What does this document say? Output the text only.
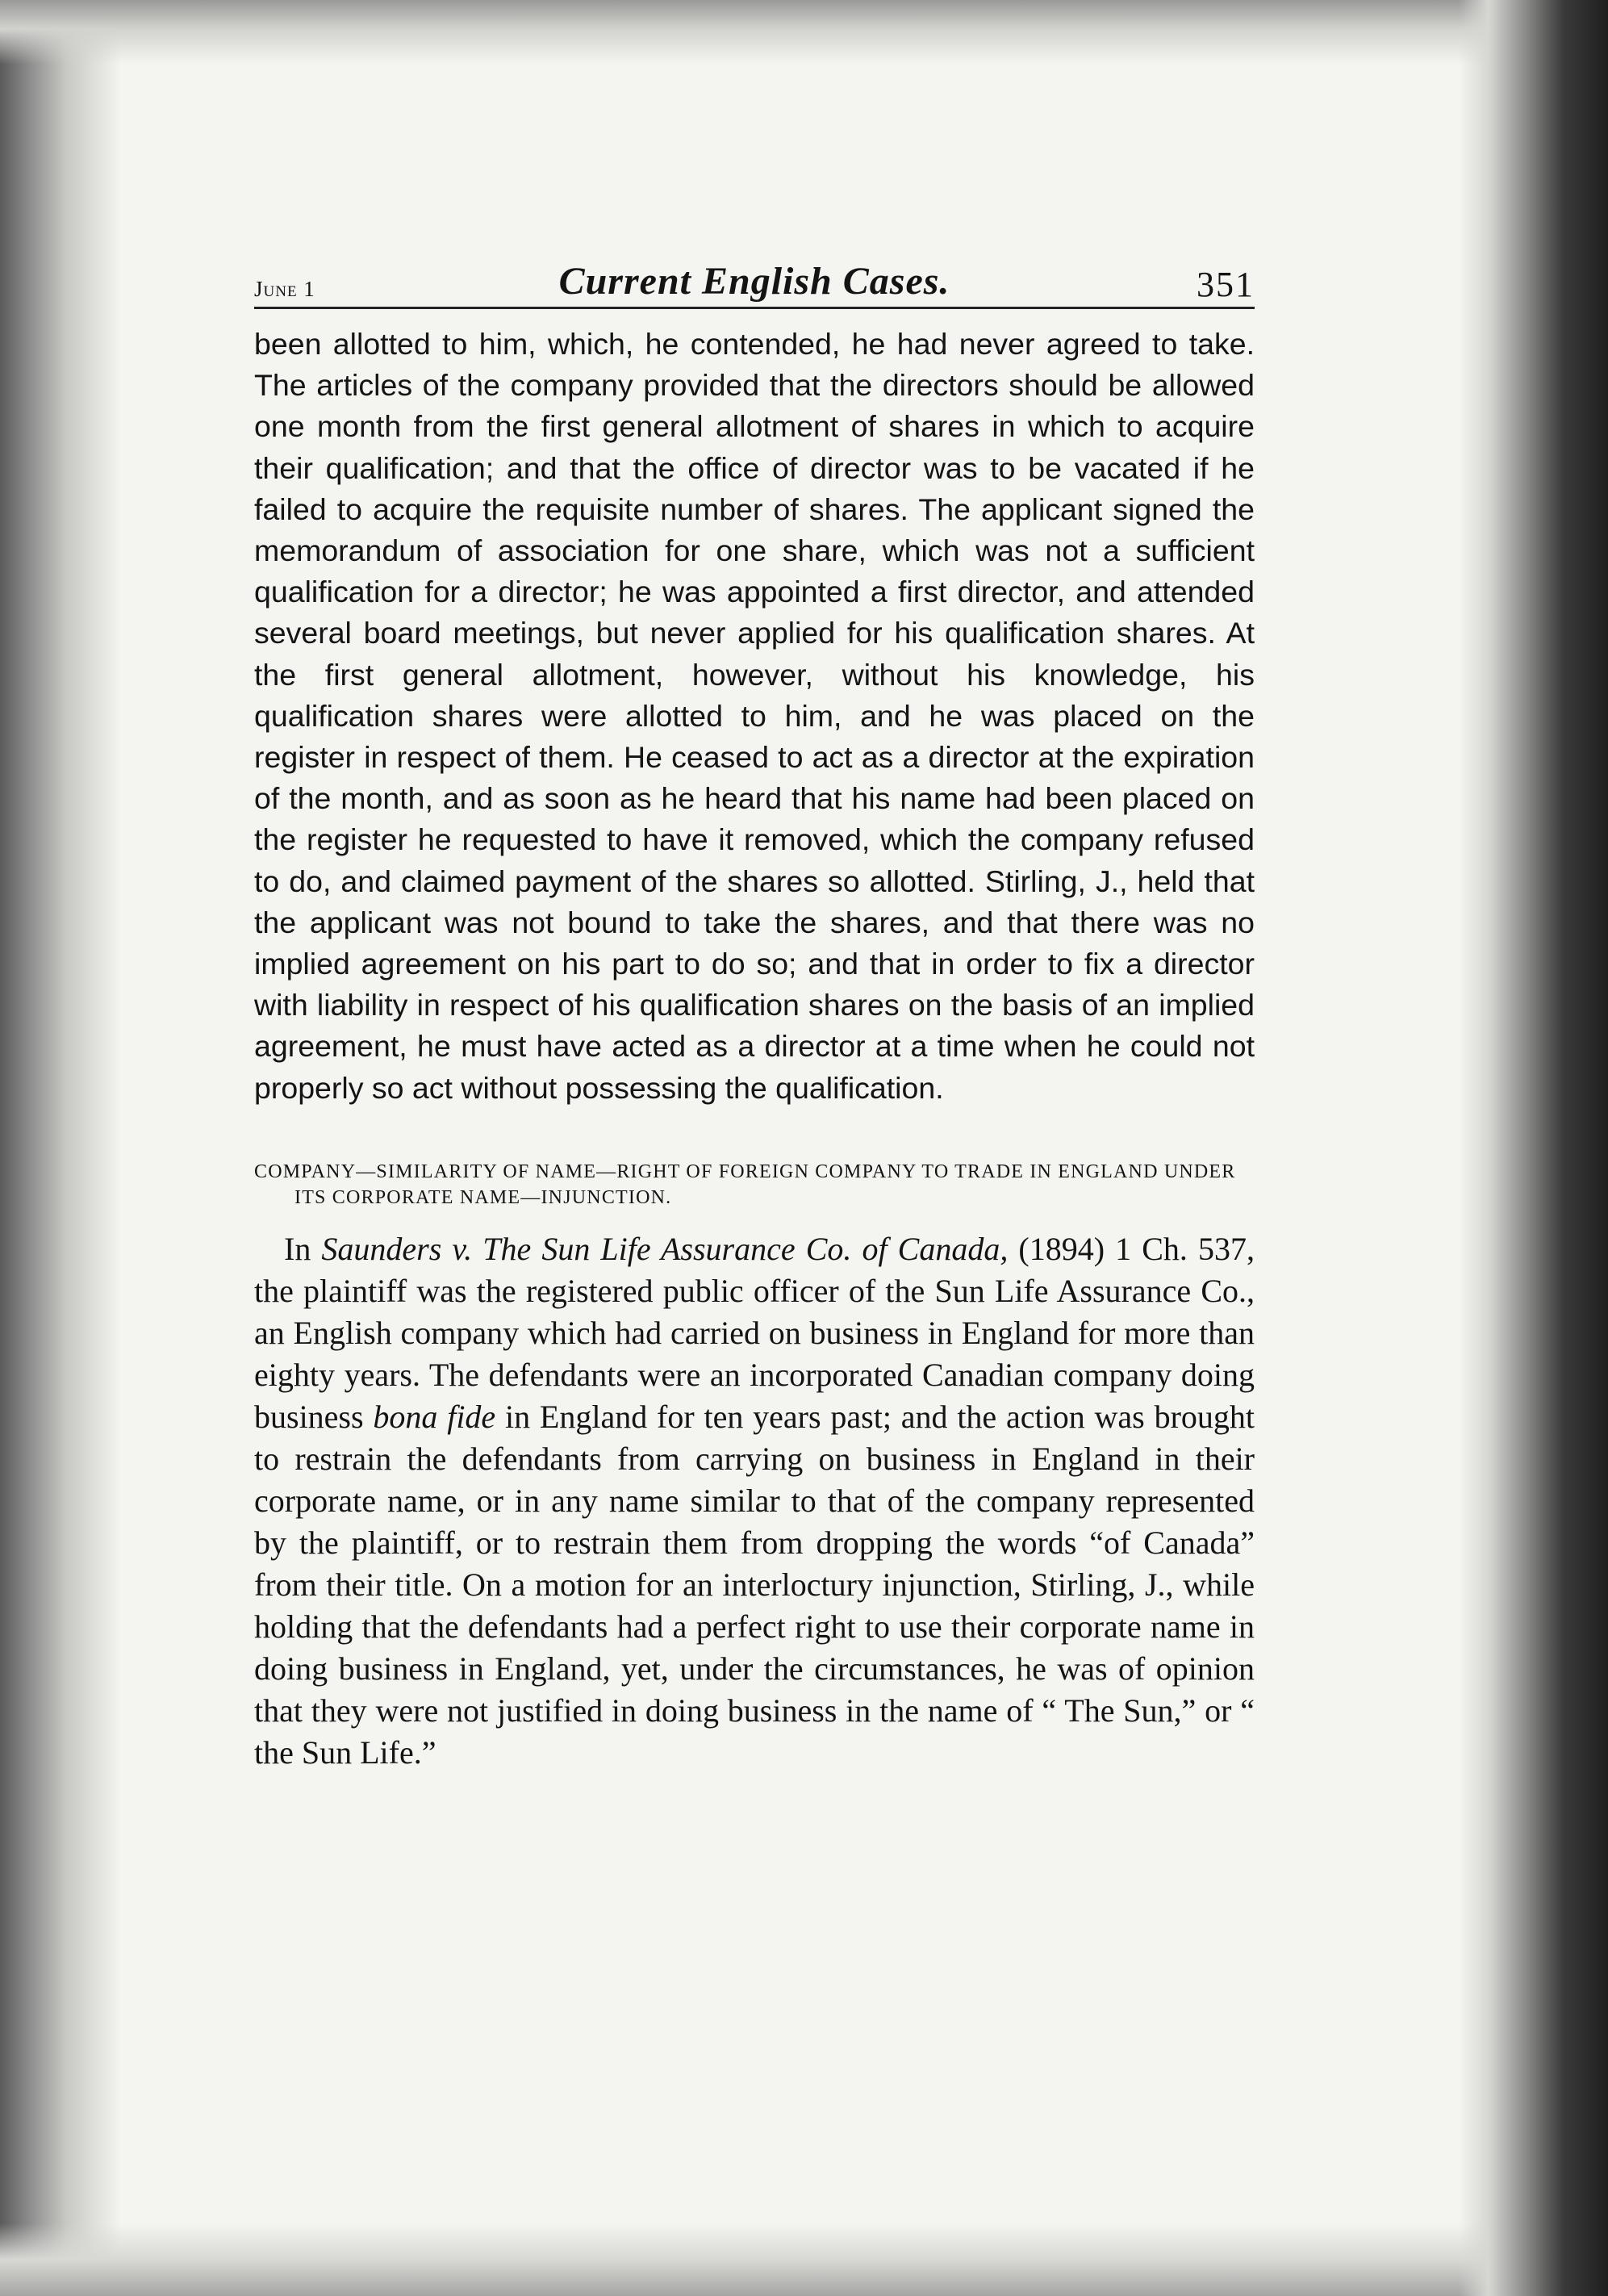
June 1	Current English Cases.	351

been allotted to him, which, he contended, he had never agreed to take. The articles of the company provided that the directors should be allowed one month from the first general allotment of shares in which to acquire their qualification; and that the office of director was to be vacated if he failed to acquire the requisite number of shares. The applicant signed the memorandum of association for one share, which was not a sufficient qualification for a director; he was appointed a first director, and attended several board meetings, but never applied for his qualification shares. At the first general allotment, however, without his knowledge, his qualification shares were allotted to him, and he was placed on the register in respect of them. He ceased to act as a director at the expiration of the month, and as soon as he heard that his name had been placed on the register he requested to have it removed, which the company refused to do, and claimed payment of the shares so allotted. Stirling, J., held that the applicant was not bound to take the shares, and that there was no implied agreement on his part to do so; and that in order to fix a director with liability in respect of his qualification shares on the basis of an implied agreement, he must have acted as a director at a time when he could not properly so act without possessing the qualification.

COMPANY—SIMILARITY OF NAME—RIGHT OF FOREIGN COMPANY TO TRADE IN ENGLAND UNDER ITS CORPORATE NAME—INJUNCTION.

In Saunders v. The Sun Life Assurance Co. of Canada, (1894) 1 Ch. 537, the plaintiff was the registered public officer of the Sun Life Assurance Co., an English company which had carried on business in England for more than eighty years. The defendants were an incorporated Canadian company doing business bona fide in England for ten years past; and the action was brought to restrain the defendants from carrying on business in England in their corporate name, or in any name similar to that of the company represented by the plaintiff, or to restrain them from dropping the words “of Canada” from their title. On a motion for an interloctury injunction, Stirling, J., while holding that the defendants had a perfect right to use their corporate name in doing business in England, yet, under the circumstances, he was of opinion that they were not justified in doing business in the name of “ The Sun,” or “ the Sun Life.”
